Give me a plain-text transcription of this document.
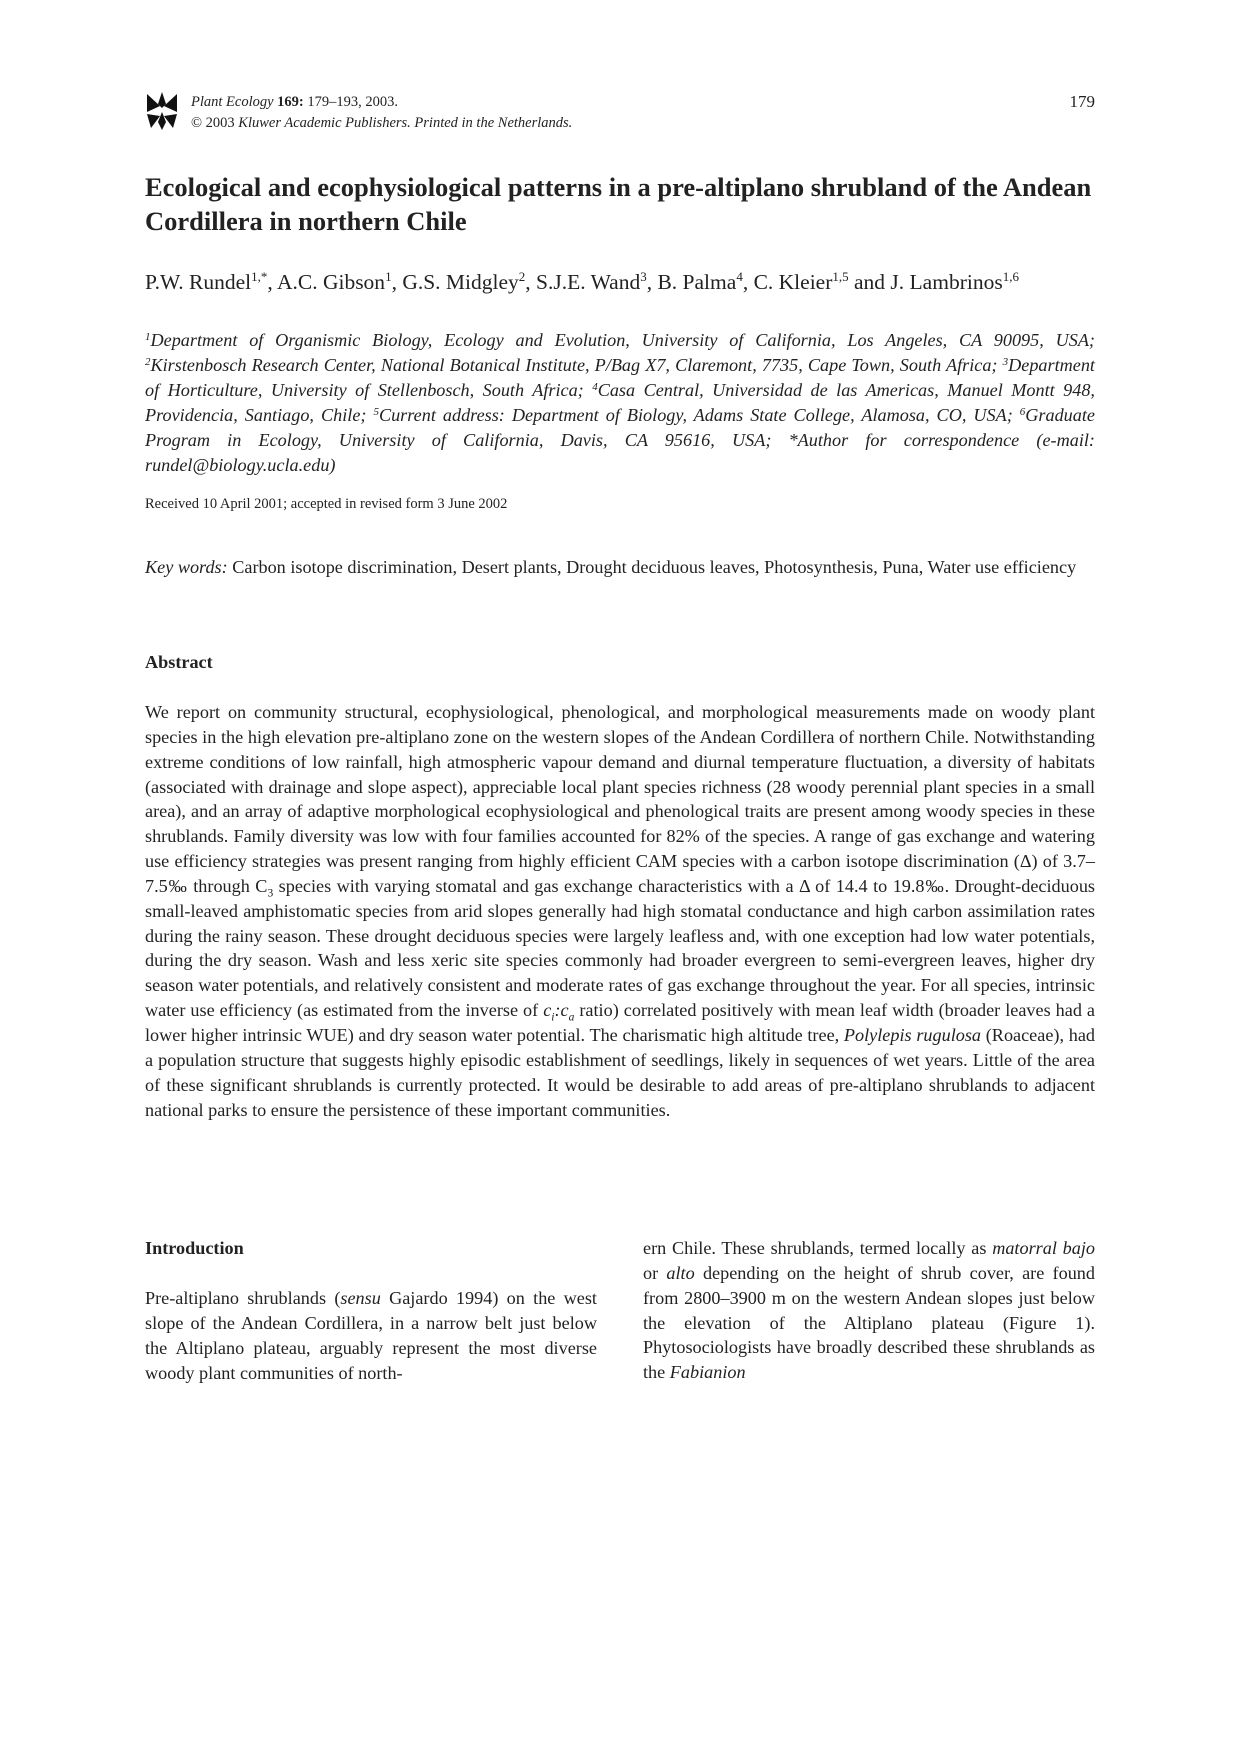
Plant Ecology 169: 179–193, 2003.
© 2003 Kluwer Academic Publishers. Printed in the Netherlands.
179
Ecological and ecophysiological patterns in a pre-altiplano shrubland of the Andean Cordillera in northern Chile

P.W. Rundel$^{1,*}$, A.C. Gibson$^1$, G.S. Midgley$^2$, S.J.E. Wand$^3$, B. Palma$^4$, C. Kleier$^{1,5}$ and J. Lambrinos$^{1,6}$

$^1$Department of Organismic Biology, Ecology and Evolution, University of California, Los Angeles, CA 90095, USA; $^2$Kirstenbosch Research Center, National Botanical Institute, P/Bag X7, Claremont, 7735, Cape Town, South Africa; $^3$Department of Horticulture, University of Stellenbosch, South Africa; $^4$Casa Central, Universidad de las Americas, Manuel Montt 948, Providencia, Santiago, Chile; $^5$Current address: Department of Biology, Adams State College, Alamosa, CO, USA; $^6$Graduate Program in Ecology, University of California, Davis, CA 95616, USA; *Author for correspondence (e-mail: rundel@biology.ucla.edu)

Received 10 April 2001; accepted in revised form 3 June 2002

Key words: Carbon isotope discrimination, Desert plants, Drought deciduous leaves, Photosynthesis, Puna, Water use efficiency

Abstract

We report on community structural, ecophysiological, phenological, and morphological measurements made on woody plant species in the high elevation pre-altiplano zone on the western slopes of the Andean Cordillera of northern Chile. Notwithstanding extreme conditions of low rainfall, high atmospheric vapour demand and diurnal temperature fluctuation, a diversity of habitats (associated with drainage and slope aspect), appreciable local plant species richness (28 woody perennial plant species in a small area), and an array of adaptive morphological ecophysiological and phenological traits are present among woody species in these shrublands. Family diversity was low with four families accounted for 82% of the species. A range of gas exchange and watering use efficiency strategies was present ranging from highly efficient CAM species with a carbon isotope discrimination (Δ) of 3.7–7.5‰ through $C_3$ species with varying stomatal and gas exchange characteristics with a Δ of 14.4 to 19.8‰. Drought-deciduous small-leaved amphistomatic species from arid slopes generally had high stomatal conductance and high carbon assimilation rates during the rainy season. These drought deciduous species were largely leafless and, with one exception had low water potentials, during the dry season. Wash and less xeric site species commonly had broader evergreen to semi-evergreen leaves, higher dry season water potentials, and relatively consistent and moderate rates of gas exchange throughout the year. For all species, intrinsic water use efficiency (as estimated from the inverse of $c_i:c_a$ ratio) correlated positively with mean leaf width (broader leaves had a lower higher intrinsic WUE) and dry season water potential. The charismatic high altitude tree, Polylepis rugulosa (Roaceae), had a population structure that suggests highly episodic establishment of seedlings, likely in sequences of wet years. Little of the area of these significant shrublands is currently protected. It would be desirable to add areas of pre-altiplano shrublands to adjacent national parks to ensure the persistence of these important communities.

Introduction

Pre-altiplano shrublands (sensu Gajardo 1994) on the west slope of the Andean Cordillera, in a narrow belt just below the Altiplano plateau, arguably represent the most diverse woody plant communities of north-

ern Chile. These shrublands, termed locally as matorral bajo or alto depending on the height of shrub cover, are found from 2800–3900 m on the western Andean slopes just below the elevation of the Altiplano plateau (Figure 1). Phytosociologists have broadly described these shrublands as the Fabianion
